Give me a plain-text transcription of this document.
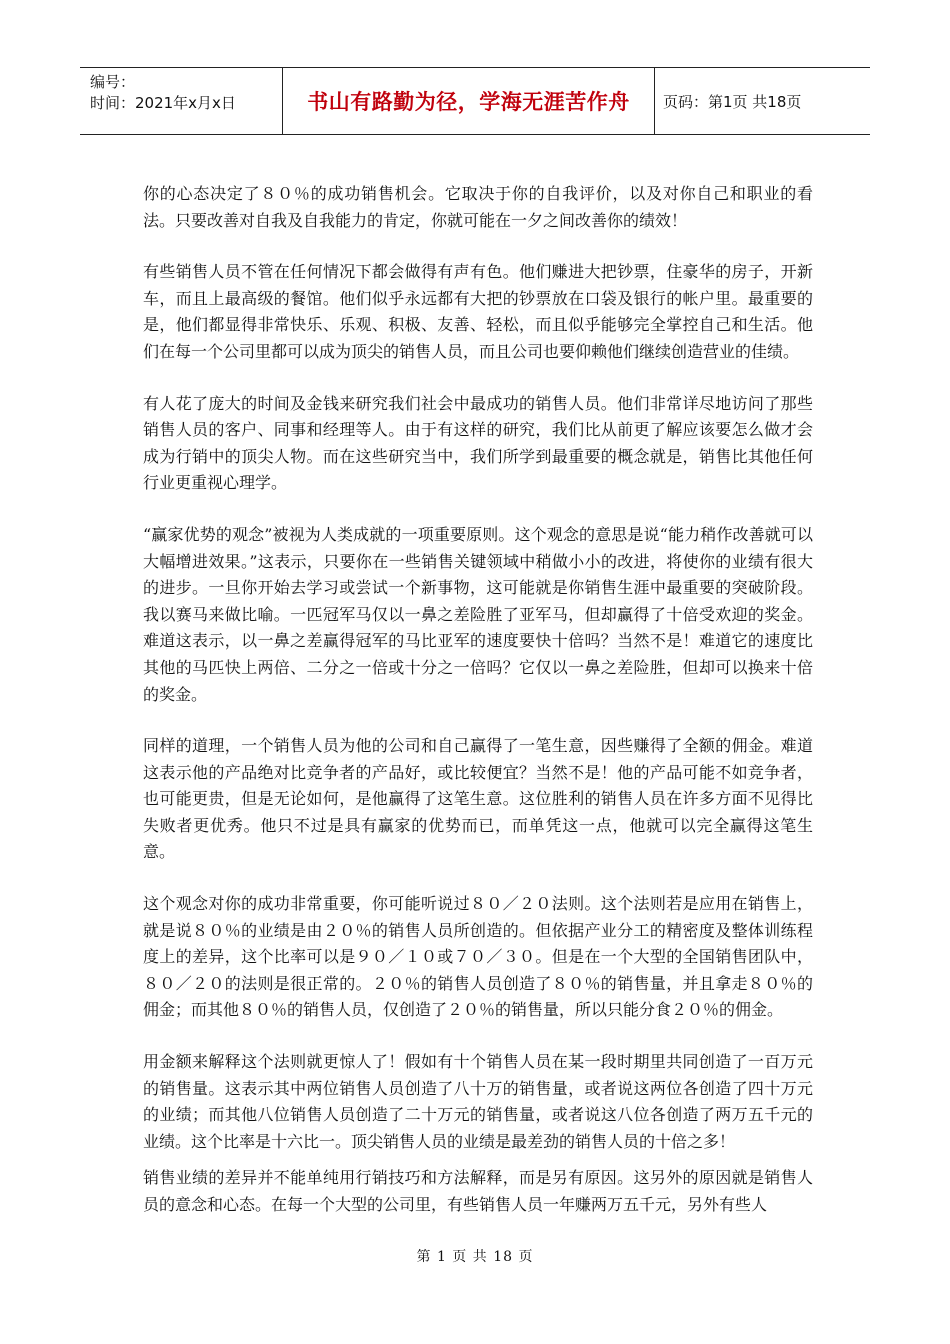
编号：
时间：2021年x月x日	书山有路勤为径，学海无涯苦作舟	页码：第1页 共18页

你的心态决定了８０％的成功销售机会。它取决于你的自我评价，以及对你自己和职业的看法。只要改善对自我及自我能力的肯定，你就可能在一夕之间改善你的绩效！

有些销售人员不管在任何情况下都会做得有声有色。他们赚进大把钞票，住豪华的房子，开新车，而且上最高级的餐馆。他们似乎永远都有大把的钞票放在口袋及银行的帐户里。最重要的是，他们都显得非常快乐、乐观、积极、友善、轻松，而且似乎能够完全掌控自己和生活。他们在每一个公司里都可以成为顶尖的销售人员，而且公司也要仰赖他们继续创造营业的佳绩。

有人花了庞大的时间及金钱来研究我们社会中最成功的销售人员。他们非常详尽地访问了那些销售人员的客户、同事和经理等人。由于有这样的研究，我们比从前更了解应该要怎么做才会成为行销中的顶尖人物。而在这些研究当中，我们所学到最重要的概念就是，销售比其他任何行业更重视心理学。

“赢家优势的观念”被视为人类成就的一项重要原则。这个观念的意思是说“能力稍作改善就可以大幅增进效果。”这表示，只要你在一些销售关键领域中稍做小小的改进，将使你的业绩有很大的进步。一旦你开始去学习或尝试一个新事物，这可能就是你销售生涯中最重要的突破阶段。我以赛马来做比喻。一匹冠军马仅以一鼻之差险胜了亚军马，但却赢得了十倍受欢迎的奖金。难道这表示，以一鼻之差赢得冠军的马比亚军的速度要快十倍吗？当然不是！难道它的速度比其他的马匹快上两倍、二分之一倍或十分之一倍吗？它仅以一鼻之差险胜，但却可以换来十倍的奖金。

同样的道理，一个销售人员为他的公司和自己赢得了一笔生意，因些赚得了全额的佣金。难道这表示他的产品绝对比竞争者的产品好，或比较便宜？当然不是！他的产品可能不如竞争者，也可能更贵，但是无论如何，是他赢得了这笔生意。这位胜利的销售人员在许多方面不见得比失败者更优秀。他只不过是具有赢家的优势而已，而单凭这一点，他就可以完全赢得这笔生意。

这个观念对你的成功非常重要，你可能听说过８０／２０法则。这个法则若是应用在销售上，就是说８０％的业绩是由２０％的销售人员所创造的。但依据产业分工的精密度及整体训练程度上的差异，这个比率可以是９０／１０或７０／３０。但是在一个大型的全国销售团队中，８０／２０的法则是很正常的。２０％的销售人员创造了８０％的销售量，并且拿走８０％的佣金；而其他８０％的销售人员，仅创造了２０％的销售量，所以只能分食２０％的佣金。

用金额来解释这个法则就更惊人了！假如有十个销售人员在某一段时期里共同创造了一百万元的销售量。这表示其中两位销售人员创造了八十万的销售量，或者说这两位各创造了四十万元的业绩；而其他八位销售人员创造了二十万元的销售量，或者说这八位各创造了两万五千元的业绩。这个比率是十六比一。顶尖销售人员的业绩是最差劲的销售人员的十倍之多！

销售业绩的差异并不能单纯用行销技巧和方法解释，而是另有原因。这另外的原因就是销售人员的意念和心态。在每一个大型的公司里，有些销售人员一年赚两万五千元，另外有些人

第 1 页 共 18 页
